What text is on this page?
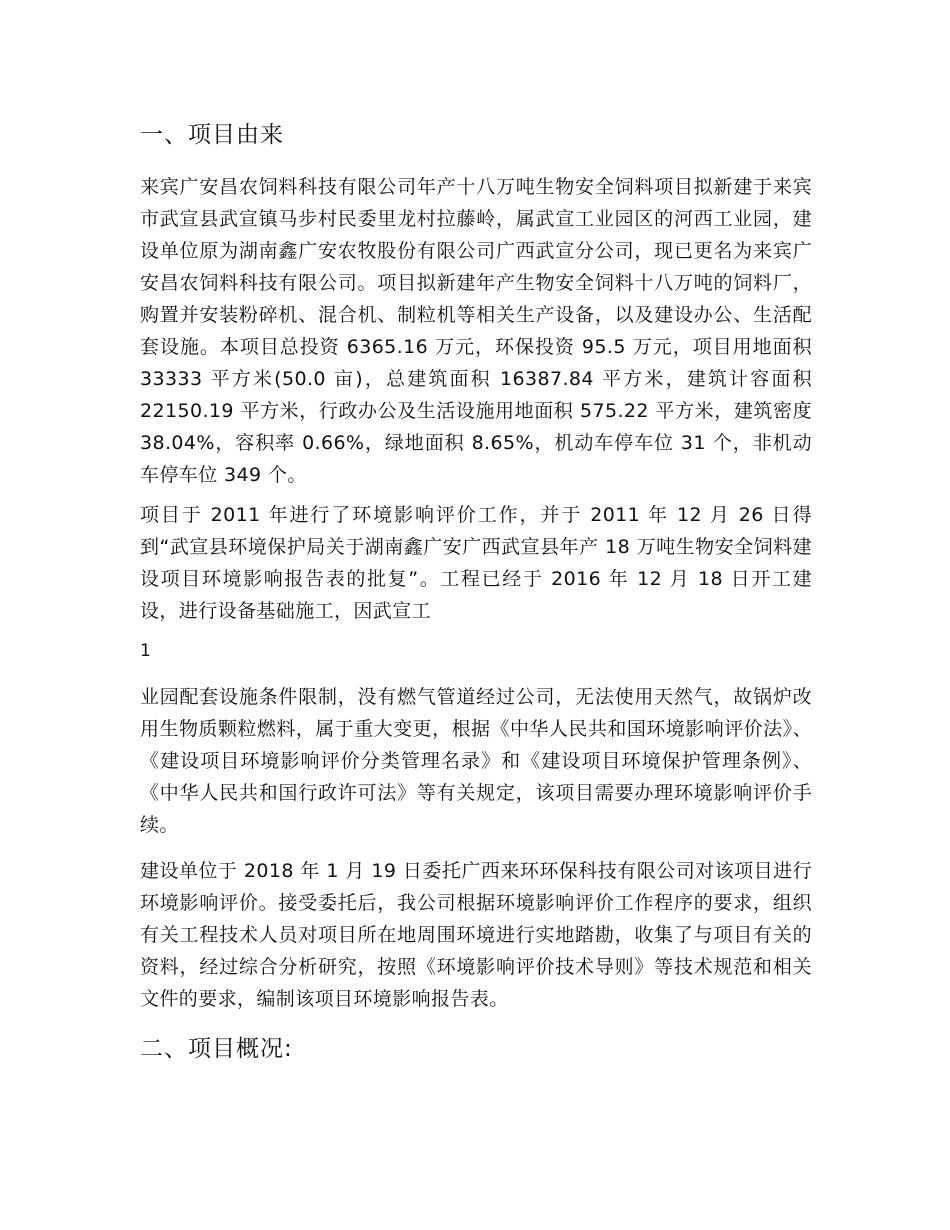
一、项目由来

来宾广安昌农饲料科技有限公司年产十八万吨生物安全饲料项目拟新建于来宾市武宣县武宣镇马步村民委里龙村拉藤岭，属武宣工业园区的河西工业园，建设单位原为湖南鑫广安农牧股份有限公司广西武宣分公司，现已更名为来宾广安昌农饲料科技有限公司。项目拟新建年产生物安全饲料十八万吨的饲料厂，购置并安装粉碎机、混合机、制粒机等相关生产设备，以及建设办公、生活配套设施。本项目总投资 6365.16 万元，环保投资 95.5 万元，项目用地面积 33333 平方米(50.0 亩)，总建筑面积 16387.84 平方米，建筑计容面积 22150.19 平方米，行政办公及生活设施用地面积 575.22 平方米，建筑密度 38.04%，容积率 0.66%，绿地面积 8.65%，机动车停车位 31 个，非机动车停车位 349 个。

项目于 2011 年进行了环境影响评价工作，并于 2011 年 12 月 26 日得到“武宣县环境保护局关于湖南鑫广安广西武宣县年产 18 万吨生物安全饲料建设项目环境影响报告表的批复”。工程已经于 2016 年 12 月 18 日开工建设，进行设备基础施工，因武宣工

1

业园配套设施条件限制，没有燃气管道经过公司，无法使用天然气，故锅炉改用生物质颗粒燃料，属于重大变更，根据《中华人民共和国环境影响评价法》、《建设项目环境影响评价分类管理名录》和《建设项目环境保护管理条例》、《中华人民共和国行政许可法》等有关规定，该项目需要办理环境影响评价手续。

建设单位于 2018 年 1 月 19 日委托广西来环环保科技有限公司对该项目进行环境影响评价。接受委托后，我公司根据环境影响评价工作程序的要求，组织有关工程技术人员对项目所在地周围环境进行实地踏勘，收集了与项目有关的资料，经过综合分析研究，按照《环境影响评价技术导则》等技术规范和相关文件的要求，编制该项目环境影响报告表。

二、项目概况:
